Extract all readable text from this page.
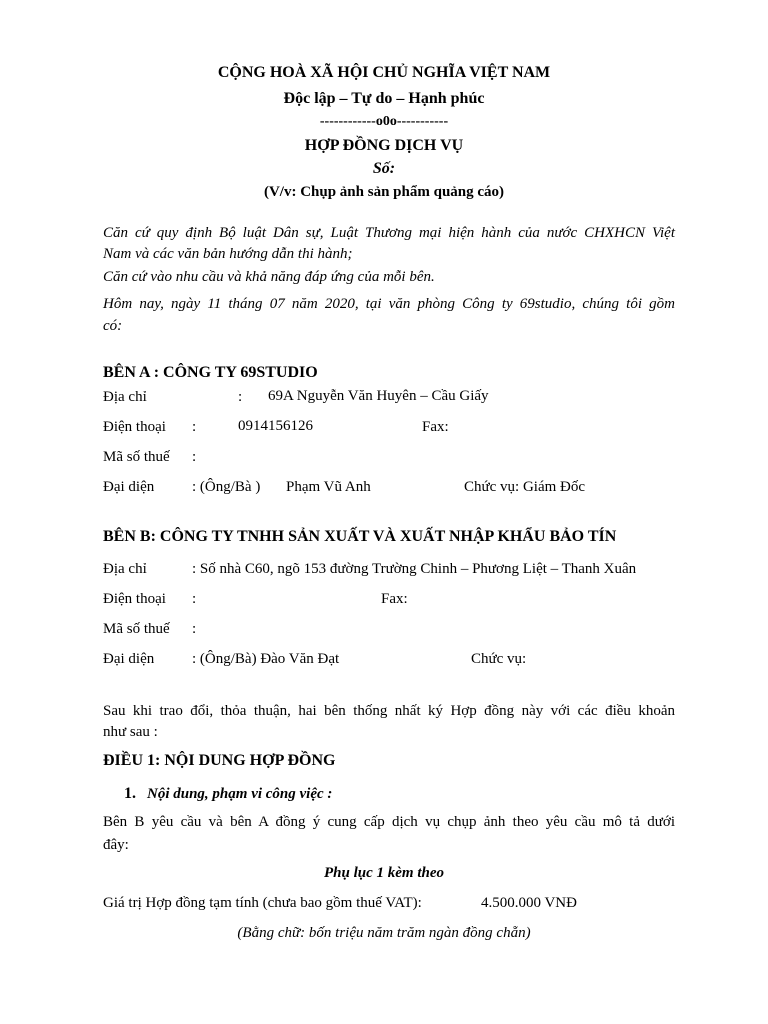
CỘNG HOÀ XÃ HỘI CHỦ NGHĨA VIỆT NAM
Độc lập – Tự do – Hạnh phúc
------------o0o-----------
HỢP ĐỒNG DỊCH VỤ
Số:
(V/v: Chụp ảnh sản phẩm quảng cáo)
Căn cứ quy định Bộ luật Dân sự, Luật Thương mại hiện hành của nước CHXHCN Việt
Nam và các văn bản hướng dẫn thi hành;
Căn cứ vào nhu cầu và khả năng đáp ứng của mỗi bên.
Hôm nay, ngày 11 tháng 07 năm 2020, tại văn phòng Công ty 69studio, chúng tôi gồm
có:
BÊN A : CÔNG TY 69STUDIO
Địa chỉ	: 69A Nguyễn Văn Huyên – Cầu Giấy
Điện thoại :	0914156126	Fax:
Mã số thuế :
Đại diện	: (Ông/Bà ) Phạm Vũ Anh	Chức vụ: Giám Đốc
BÊN B: CÔNG TY TNHH SẢN XUẤT VÀ XUẤT NHẬP KHẨU BẢO TÍN
Địa chỉ	: Số nhà C60, ngõ 153 đường Trường Chinh – Phương Liệt – Thanh Xuân
Điện thoại :	Fax:
Mã số thuế :
Đại diện	: (Ông/Bà) Đào Văn Đạt	Chức vụ:
Sau khi trao đổi, thỏa thuận, hai bên thống nhất ký Hợp đồng này với các điều khoản
như sau :
ĐIỀU 1: NỘI DUNG HỢP ĐỒNG
1. Nội dung, phạm vi công việc :
Bên B yêu cầu và bên A đồng ý cung cấp dịch vụ chụp ảnh theo yêu cầu mô tả dưới
đây:
Phụ lục 1 kèm theo
Giá trị Hợp đồng tạm tính (chưa bao gồm thuế VAT):	4.500.000 VNĐ
(Bằng chữ: bốn triệu năm trăm ngàn đồng chẵn)
